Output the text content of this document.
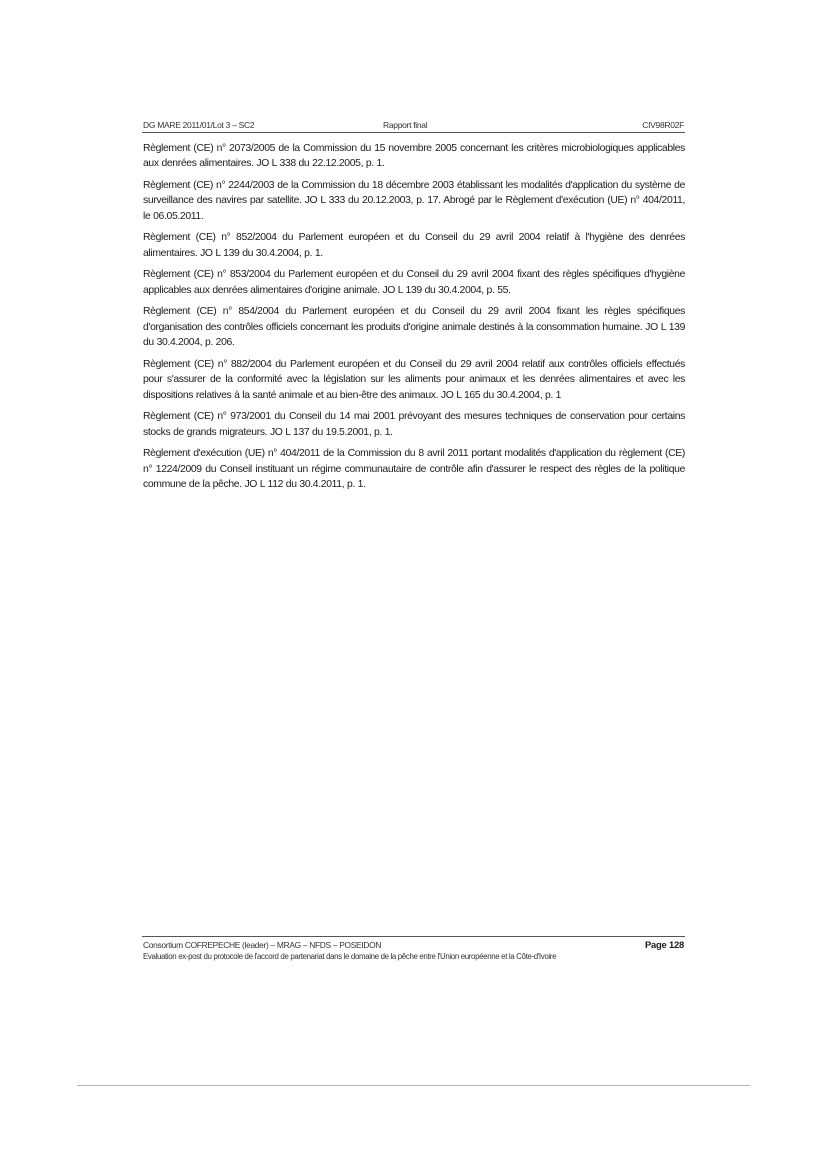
DG MARE 2011/01/Lot 3 – SC2	Rapport final	CIV98R02F

Règlement (CE) n° 2073/2005 de la Commission du 15 novembre 2005 concernant les critères microbiologiques applicables aux denrées alimentaires. JO L 338 du 22.12.2005, p. 1.

Règlement (CE) n° 2244/2003 de la Commission du 18 décembre 2003 établissant les modalités d'application du système de surveillance des navires par satellite. JO L 333 du 20.12.2003, p. 17. Abrogé par le Règlement d'exécution (UE) n° 404/2011, le 06.05.2011.

Règlement (CE) n° 852/2004 du Parlement européen et du Conseil du 29 avril 2004 relatif à l'hygiène des denrées alimentaires. JO L 139 du 30.4.2004, p. 1.

Règlement (CE) n° 853/2004 du Parlement européen et du Conseil du 29 avril 2004 fixant des règles spécifiques d'hygiène applicables aux denrées alimentaires d'origine animale. JO L 139 du 30.4.2004, p. 55.

Règlement (CE) n° 854/2004 du Parlement européen et du Conseil du 29 avril 2004 fixant les règles spécifiques d'organisation des contrôles officiels concernant les produits d'origine animale destinés à la consommation humaine. JO L 139 du 30.4.2004, p. 206.

Règlement (CE) n° 882/2004 du Parlement européen et du Conseil du 29 avril 2004 relatif aux contrôles officiels effectués pour s'assurer de la conformité avec la législation sur les aliments pour animaux et les denrées alimentaires et avec les dispositions relatives à la santé animale et au bien-être des animaux. JO L 165 du 30.4.2004, p. 1

Règlement (CE) n° 973/2001 du Conseil du 14 mai 2001 prévoyant des mesures techniques de conservation pour certains stocks de grands migrateurs. JO L 137 du 19.5.2001, p. 1.

Règlement d'exécution (UE) n° 404/2011 de la Commission du 8 avril 2011 portant modalités d'application du règlement (CE) n° 1224/2009 du Conseil instituant un régime communautaire de contrôle afin d'assurer le respect des règles de la politique commune de la pêche. JO L 112 du 30.4.2011, p. 1.

Consortium COFREPECHE (leader) – MRAG – NFDS – POSEIDON	Page 128
Evaluation ex-post du protocole de l'accord de partenariat dans le domaine de la pêche entre l'Union européenne et la Côte-d'Ivoire
